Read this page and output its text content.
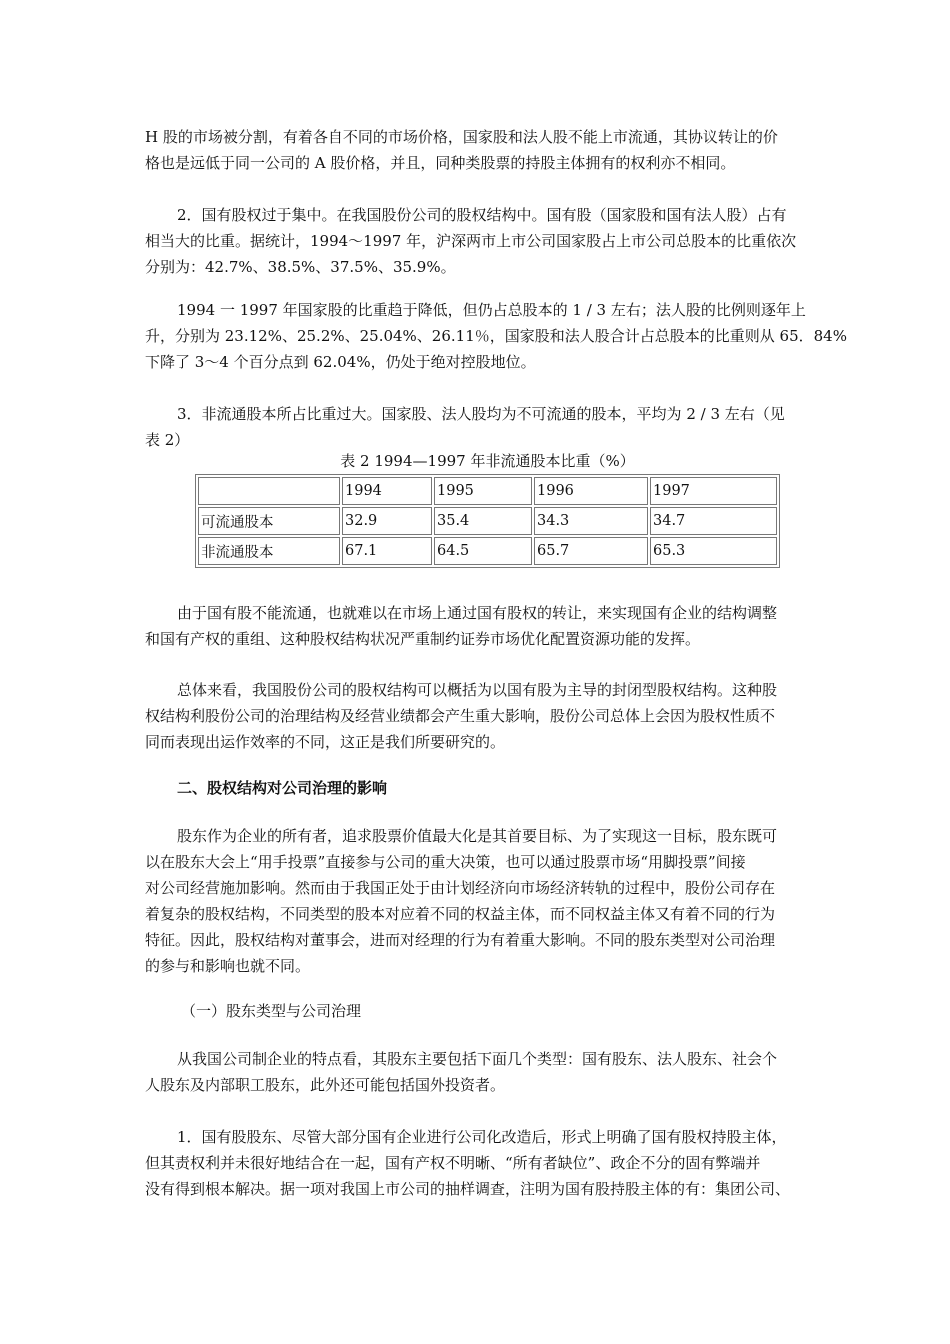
H 股的市场被分割，有着各自不同的市场价格，国家股和法人股不能上市流通，其协议转让的价
格也是远低于同一公司的 A 股价格，并且，同种类股票的持股主体拥有的权利亦不相同。

2．国有股权过于集中。在我国股份公司的股权结构中。国有股（国家股和国有法人股）占有
相当大的比重。据统计，1994～1997 年，沪深两市上市公司国家股占上市公司总股本的比重依次
分别为：42.7%、38.5%、37.5%、35.9%。

1994 一 1997 年国家股的比重趋于降低，但仍占总股本的 1 / 3 左右；法人股的比例则逐年上
升，分别为 23.12%、25.2%、25.04%、26.11％，国家股和法人股合计占总股本的比重则从 65．84%
下降了 3～4 个百分点到 62.04%，仍处于绝对控股地位。

3．非流通股本所占比重过大。国家股、法人股均为不可流通的股本，平均为 2 / 3 左右（见
表 2）

表 2 1994—1997 年非流通股本比重（%）

	1994	1995	1996	1997
可流通股本	32.9	35.4	34.3	34.7
非流通股本	67.1	64.5	65.7	65.3

由于国有股不能流通，也就难以在市场上通过国有股权的转让，来实现国有企业的结构调整
和国有产权的重组、这种股权结构状况严重制约证券市场优化配置资源功能的发挥。

总体来看，我国股份公司的股权结构可以概括为以国有股为主导的封闭型股权结构。这种股
权结构利股份公司的治理结构及经营业绩都会产生重大影响，股份公司总体上会因为股权性质不
同而表现出运作效率的不同，这正是我们所要研究的。

二、股权结构对公司治理的影响

股东作为企业的所有者，追求股票价值最大化是其首要目标、为了实现这一目标，股东既可
以在股东大会上“用手投票”直接参与公司的重大决策，也可以通过股票市场“用脚投票”间接
对公司经营施加影响。然而由于我国正处于由计划经济向市场经济转轨的过程中，股份公司存在
着复杂的股权结构，不同类型的股本对应着不同的权益主体，而不同权益主体又有着不同的行为
特征。因此，股权结构对董事会，进而对经理的行为有着重大影响。不同的股东类型对公司治理
的参与和影响也就不同。

（一）股东类型与公司治理

从我国公司制企业的特点看，其股东主要包括下面几个类型：国有股东、法人股东、社会个
人股东及内部职工股东，此外还可能包括国外投资者。

1．国有股股东、尽管大部分国有企业进行公司化改造后，形式上明确了国有股权持股主体，
但其责权利并未很好地结合在一起，国有产权不明晰、“所有者缺位”、政企不分的固有弊端并
没有得到根本解决。据一项对我国上市公司的抽样调查，注明为国有股持股主体的有：集团公司、
